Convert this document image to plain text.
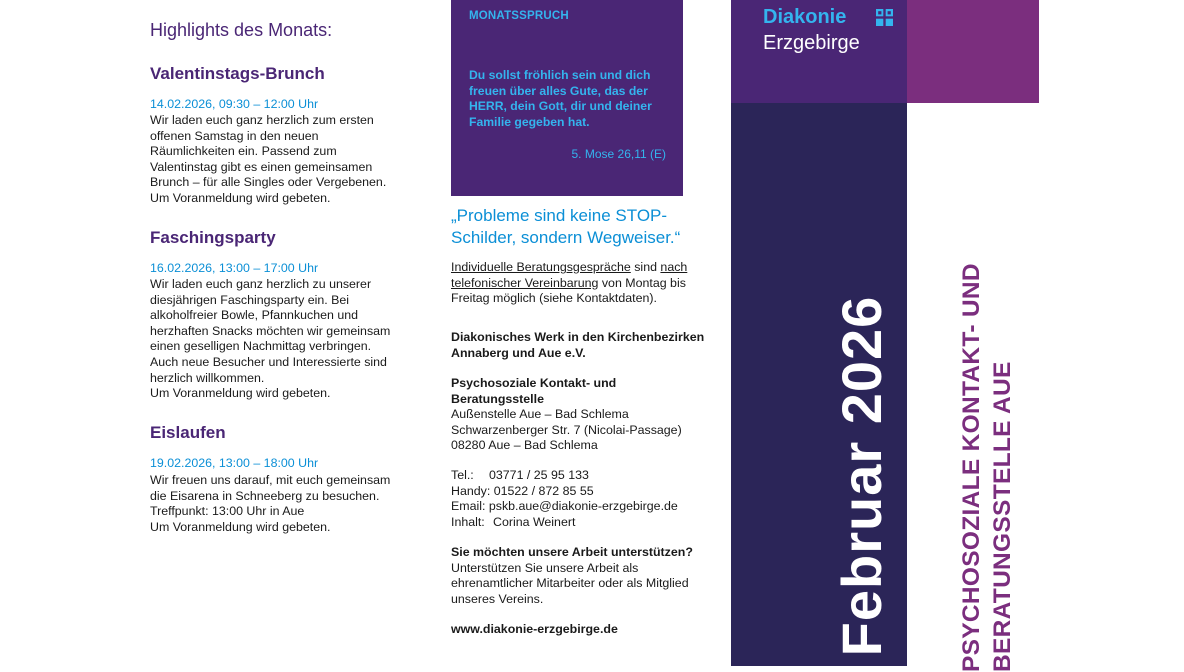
Highlights des Monats:
Valentinstags-Brunch
14.02.2026, 09:30 – 12:00 Uhr
Wir laden euch ganz herzlich zum ersten
offenen Samstag in den neuen
Räumlichkeiten ein. Passend zum
Valentinstag gibt es einen gemeinsamen
Brunch – für alle Singles oder Vergebenen.
Um Voranmeldung wird gebeten.
Faschingsparty
16.02.2026, 13:00 – 17:00 Uhr
Wir laden euch ganz herzlich zu unserer
diesjährigen Faschingsparty ein. Bei
alkoholfreier Bowle, Pfannkuchen und
herzhaften Snacks möchten wir gemeinsam
einen geselligen Nachmittag verbringen.
Auch neue Besucher und Interessierte sind
herzlich willkommen.
Um Voranmeldung wird gebeten.
Eislaufen
19.02.2026, 13:00 – 18:00 Uhr
Wir freuen uns darauf, mit euch gemeinsam
die Eisarena in Schneeberg zu besuchen.
Treffpunkt: 13:00 Uhr in Aue
Um Voranmeldung wird gebeten.
MONATSSPRUCH
Du sollst fröhlich sein und dich
freuen über alles Gute, das der
HERR, dein Gott, dir und deiner
Familie gegeben hat.
5. Mose 26,11 (E)
„Probleme sind keine STOP-
Schilder, sondern Wegweiser.“
Individuelle Beratungsgespräche sind nach
telefonischer Vereinbarung von Montag bis
Freitag möglich (siehe Kontaktdaten).
Diakonisches Werk in den Kirchenbezirken
Annaberg und Aue e.V.
Psychosoziale Kontakt- und
Beratungsstelle
Außenstelle Aue – Bad Schlema
Schwarzenberger Str. 7 (Nicolai-Passage)
08280 Aue – Bad Schlema
Tel.: 03771 / 25 95 133
Handy: 01522 / 872 85 55
Email: pskb.aue@diakonie-erzgebirge.de
Inhalt: Corina Weinert
Sie möchten unsere Arbeit unterstützen?
Unterstützen Sie unsere Arbeit als
ehrenamtlicher Mitarbeiter oder als Mitglied
unseres Vereins.
www.diakonie-erzgebirge.de
Diakonie
Erzgebirge
Februar 2026	PSYCHOSOZIALE KONTAKT- UND BERATUNGSSTELLE AUE
